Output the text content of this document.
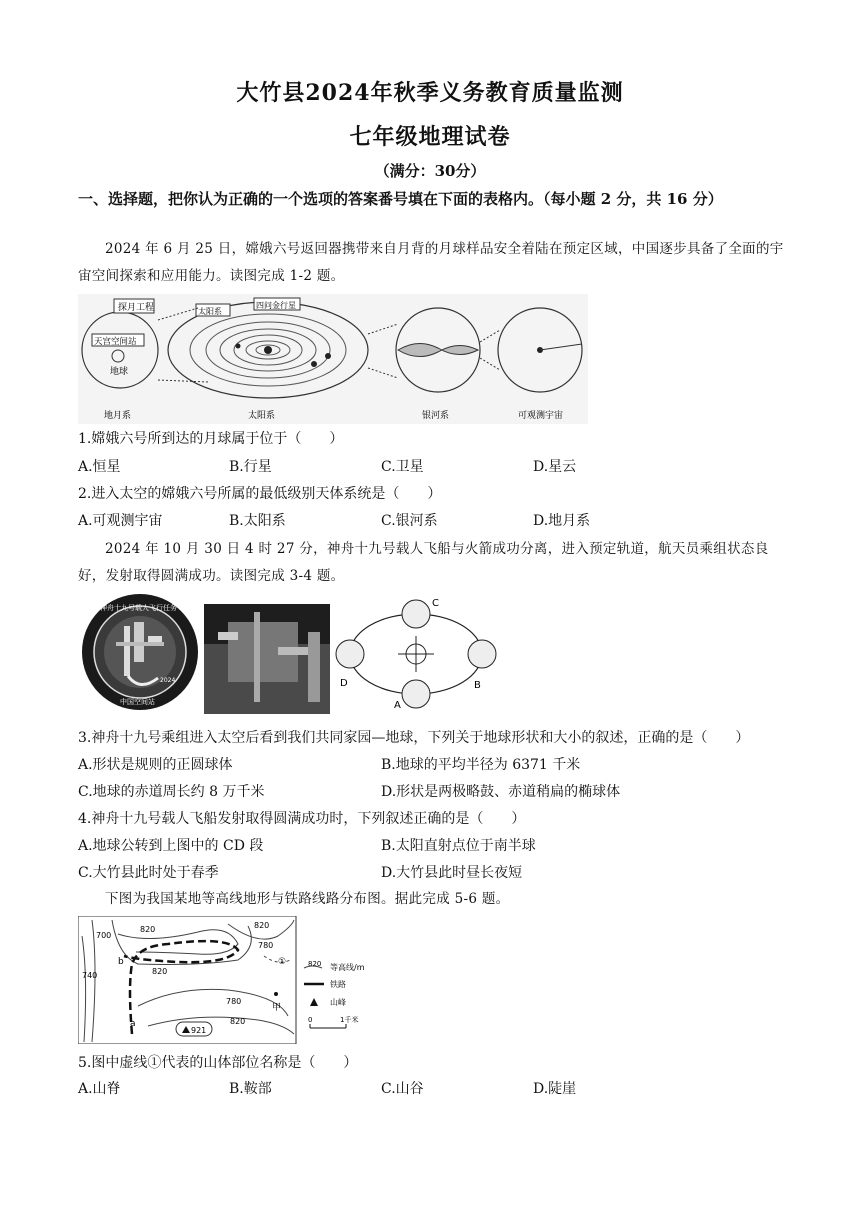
大竹县2024年秋季义务教育质量监测
七年级地理试卷
（满分：30分）
一、选择题，把你认为正确的一个选项的答案番号填在下面的表格内。（每小题 2 分，共 16 分）
2024 年 6 月 25 日，嫦娥六号返回器携带来自月背的月球样品安全着陆在预定区域，中国逐步具备了全面的宇宙空间探索和应用能力。读图完成 1-2 题。
探月工程
天宫空间站
地球
太阳系
四问金行星
地月系	太阳系	银河系	可观测宇宙
1.嫦娥六号所到达的月球属于位于（　　）
A.恒星	B.行星	C.卫星	D.星云
2.进入太空的嫦娥六号所属的最低级别天体系统是（　　）
A.可观测宇宙	B.太阳系	C.银河系	D.地月系
2024 年 10 月 30 日 4 时 27 分，神舟十九号载人飞船与火箭成功分离，进入预定轨道，航天员乘组状态良好，发射取得圆满成功。读图完成 3-4 题。
神舟十九号载人飞行任务
中国空间站
2024
C
B
A
D
3.神舟十九号乘组进入太空后看到我们共同家园—地球，下列关于地球形状和大小的叙述，正确的是（　　）
A.形状是规则的正圆球体	B.地球的平均半径为 6371 千米
C.地球的赤道周长约 8 万千米	D.形状是两极略鼓、赤道稍扁的椭球体
4.神舟十九号载人飞船发射取得圆满成功时，下列叙述正确的是（　　）
A.地球公转到上图中的 CD 段	B.太阳直射点位于南半球
C.大竹县此时处于春季	D.大竹县此时昼长夜短
下图为我国某地等高线地形与铁路线路分布图。据此完成 5-6 题。
700
820	820
740
780
820
780
820
921
b
a
甲
①	820 等高线/m
铁路
山峰
0	1千米
5.图中虚线①代表的山体部位名称是（　　）
A.山脊	B.鞍部	C.山谷	D.陡崖
